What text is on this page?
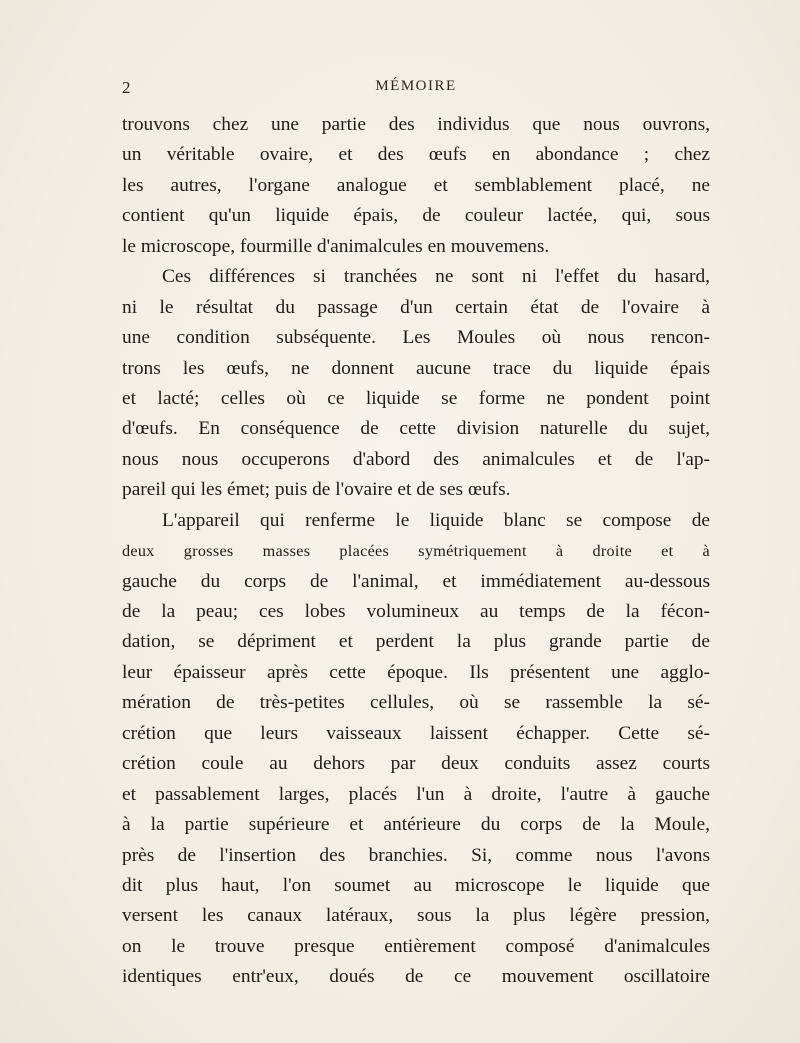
2	MÉMOIRE
trouvons chez une partie des individus que nous ouvrons,
un véritable ovaire, et des œufs en abondance ; chez
les autres, l'organe analogue et semblablement placé, ne
contient qu'un liquide épais, de couleur lactée, qui, sous
le microscope, fourmille d'animalcules en mouvemens.
Ces différences si tranchées ne sont ni l'effet du hasard,
ni le résultat du passage d'un certain état de l'ovaire à
une condition subséquente. Les Moules où nous rencon-
trons les œufs, ne donnent aucune trace du liquide épais
et lacté; celles où ce liquide se forme ne pondent point
d'œufs. En conséquence de cette division naturelle du sujet,
nous nous occuperons d'abord des animalcules et de l'ap-
pareil qui les émet; puis de l'ovaire et de ses œufs.
L'appareil qui renferme le liquide blanc se compose de
deux grosses masses placées symétriquement à droite et à
gauche du corps de l'animal, et immédiatement au-dessous
de la peau; ces lobes volumineux au temps de la fécon-
dation, se dépriment et perdent la plus grande partie de
leur épaisseur après cette époque. Ils présentent une agglo-
mération de très-petites cellules, où se rassemble la sé-
crétion que leurs vaisseaux laissent échapper. Cette sé-
crétion coule au dehors par deux conduits assez courts
et passablement larges, placés l'un à droite, l'autre à gauche
à la partie supérieure et antérieure du corps de la Moule,
près de l'insertion des branchies. Si, comme nous l'avons
dit plus haut, l'on soumet au microscope le liquide que
versent les canaux latéraux, sous la plus légère pression,
on le trouve presque entièrement composé d'animalcules
identiques entr'eux, doués de ce mouvement oscillatoire
